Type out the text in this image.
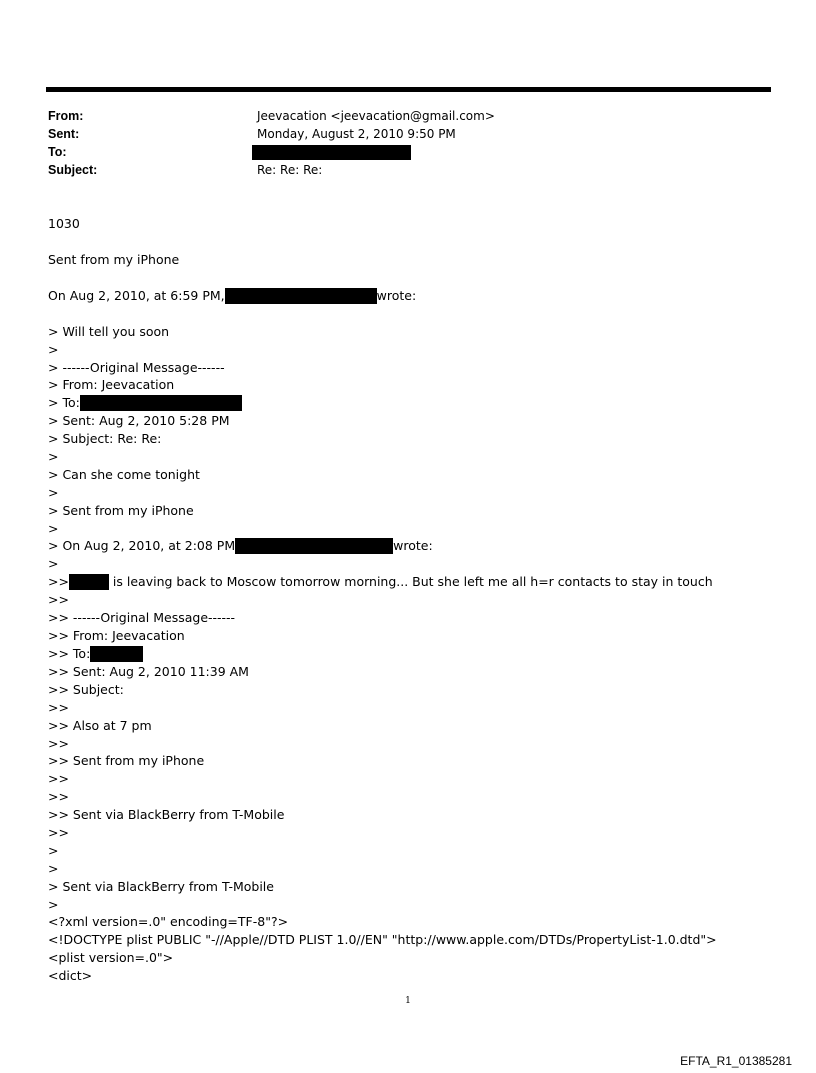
From:	Jeevacation <jeevacation@gmail.com>
Sent:	Monday, August 2, 2010 9:50 PM
To:
Subject:	Re: Re: Re:
1030
Sent from my iPhone
On Aug 2, 2010, at 6:59 PM,	wrote:
> Will tell you soon
>
> ------Original Message------
> From: Jeevacation
> To:
> Sent: Aug 2, 2010 5:28 PM
> Subject: Re: Re:
>
> Can she come tonight
>
> Sent from my iPhone
>
> On Aug 2, 2010, at 2:08 PM	wrote:
>
>>	is leaving back to Moscow tomorrow morning... But she left me all h=r contacts to stay in touch
>>
>> ------Original Message------
>> From: Jeevacation
>> To:
>> Sent: Aug 2, 2010 11:39 AM
>> Subject:
>>
>> Also at 7 pm
>>
>> Sent from my iPhone
>>
>>
>> Sent via BlackBerry from T-Mobile
>>
>
>
> Sent via BlackBerry from T-Mobile
>
<?xml version=.0" encoding=TF-8"?>
<!DOCTYPE plist PUBLIC "-//Apple//DTD PLIST 1.0//EN" "http://www.apple.com/DTDs/PropertyList-1.0.dtd">
<plist version=.0">
<dict>
1
EFTA_R1_01385281
